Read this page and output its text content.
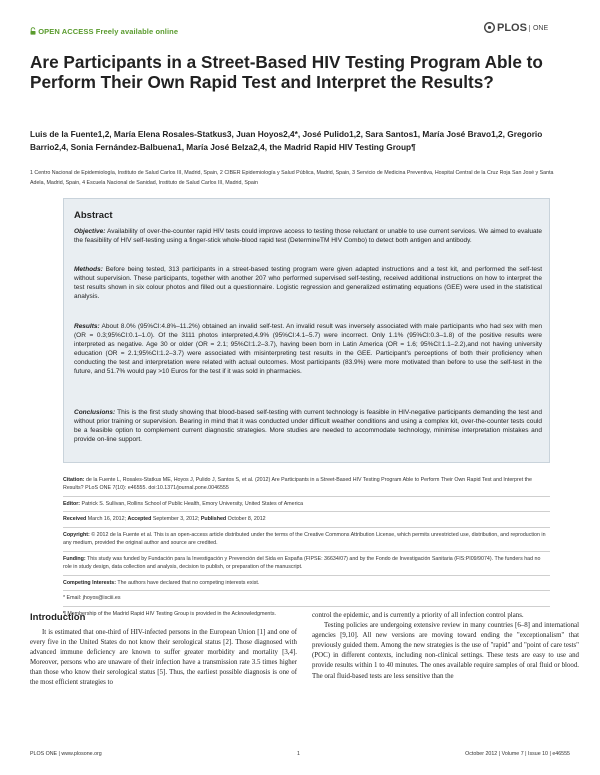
OPEN ACCESS Freely available online	PLOS ONE
Are Participants in a Street-Based HIV Testing Program Able to Perform Their Own Rapid Test and Interpret the Results?
Luis de la Fuente1,2, María Elena Rosales-Statkus3, Juan Hoyos2,4*, José Pulido1,2, Sara Santos1, María José Bravo1,2, Gregorio Barrio2,4, Sonia Fernández-Balbuena1, María José Belza2,4, the Madrid Rapid HIV Testing Group¶
1 Centro Nacional de Epidemiología, Instituto de Salud Carlos III, Madrid, Spain, 2 CIBER Epidemiología y Salud Pública, Madrid, Spain, 3 Servicio de Medicina Preventiva, Hospital Central de la Cruz Roja San José y Santa Adela, Madrid, Spain, 4 Escuela Nacional de Sanidad, Instituto de Salud Carlos III, Madrid, Spain
Abstract
Objective: Availability of over-the-counter rapid HIV tests could improve access to testing those reluctant or unable to use current services. We aimed to evaluate the feasibility of HIV self-testing using a finger-stick whole-blood rapid test (DetermineTM HIV Combo) to detect both antigen and antibody.
Methods: Before being tested, 313 participants in a street-based testing program were given adapted instructions and a test kit, and performed the self-test without supervision. These participants, together with another 207 who performed supervised self-testing, received additional instructions on how to interpret the test results shown in six colour photos and filled out a questionnaire. Logistic regression and generalized estimating equations (GEE) were used in the statistical analysis.
Results: About 8.0% (95%CI:4.8%–11.2%) obtained an invalid self-test. An invalid result was inversely associated with male participants who had sex with men (OR = 0.3;95%CI:0.1–1.0). Of the 3111 photos interpreted,4.9% (95%CI:4.1–5.7) were incorrect. Only 1.1% (95%CI:0.3–1.8) of the positive results were interpreted as negative. Age 30 or older (OR = 2.1; 95%CI:1.2–3.7), having been born in Latin America (OR = 1.6; 95%CI:1.1–2.2),and not having university education (OR = 2.1;95%CI:1.2–3.7) were associated with misinterpreting test results in the GEE. Participant's perceptions of both their proficiency when conducting the test and interpretation were related with actual outcomes. Most participants (83.9%) were more motivated than before to use the self-test in the future, and 51.7% would pay >10 Euros for the test if it was sold in pharmacies.
Conclusions: This is the first study showing that blood-based self-testing with current technology is feasible in HIV-negative participants demanding the test and without prior training or supervision. Bearing in mind that it was conducted under difficult weather conditions and using a complex kit, over-the-counter tests could be a feasible option to complement current diagnostic strategies. More studies are needed to accommodate technology, minimise interpretation mistakes and provide on-line support.
Citation: de la Fuente L, Rosales-Statkus ME, Hoyos J, Pulido J, Santos S, et al. (2012) Are Participants in a Street-Based HIV Testing Program Able to Perform Their Own Rapid Test and Interpret the Results? PLoS ONE 7(10): e46555. doi:10.1371/journal.pone.0046555
Editor: Patrick S. Sullivan, Rollins School of Public Health, Emory University, United States of America
Received March 16, 2012; Accepted September 3, 2012; Published October 8, 2012
Copyright: © 2012 de la Fuente et al. This is an open-access article distributed under the terms of the Creative Commons Attribution License, which permits unrestricted use, distribution, and reproduction in any medium, provided the original author and source are credited.
Funding: This study was funded by Fundación para la Investigación y Prevención del Sida en España (FIPSE: 36634/07) and by the Fondo de Investigación Sanitaria (FIS:PI09/9074). The funders had no role in study design, data collection and analysis, decision to publish, or preparation of the manuscript.
Competing Interests: The authors have declared that no competing interests exist.
* Email: jhoyos@isciii.es
¶ Membership of the Madrid Rapid HIV Testing Group is provided in the Acknowledgments.
Introduction
It is estimated that one-third of HIV-infected persons in the European Union [1] and one of every five in the United States do not know their serological status [2]. Those diagnosed with advanced immune deficiency are known to suffer greater morbidity and mortality [3,4]. Moreover, persons who are unaware of their infection have a transmission rate 3.5 times higher than those who know their serological status [5]. Thus, the earliest possible diagnosis is one of the most efficient strategies to
control the epidemic, and is currently a priority of all infection control plans.
Testing policies are undergoing extensive review in many countries [6–8] and international agencies [9,10]. All new versions are moving toward ending the "exceptionalism" that previously guided them. Among the new strategies is the use of "rapid" and "point of care tests" (POC) in different contexts, including non-clinical settings. These tests are easy to use and provide results within 1 to 40 minutes. The ones available require samples of oral fluid or blood. The oral fluid-based tests are less sensitive than the
PLOS ONE | www.plosone.org	1	October 2012 | Volume 7 | Issue 10 | e46555
